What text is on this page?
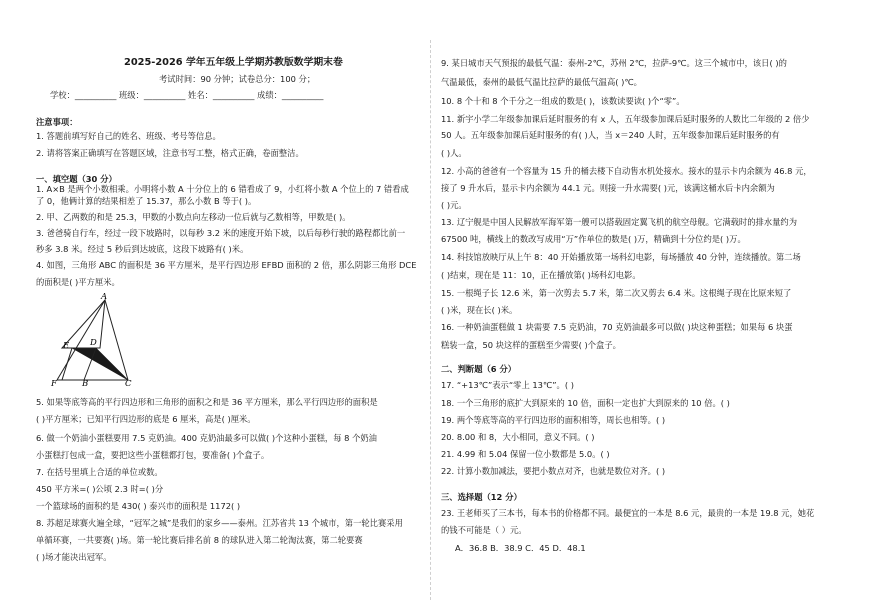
2025-2026 学年五年级上学期苏教版数学期末卷
考试时间：90 分钟；试卷总分：100 分；
学校：__________ 班级：__________ 姓名：__________ 成绩：__________
注意事项：
1. 答题前填写好自己的姓名、班级、考号等信息。
2. 请将答案正确填写在答题区域，注意书写工整，格式正确，卷面整洁。
一、填空题（30 分）
1. A×B 是两个小数相乘。小明将小数 A 十分位上的 6 错看成了 9，小红将小数 A 个位上的 7 错看成
了 0，他俩计算的结果相差了 15.37，那么小数 B 等于( )。
2. 甲、乙两数的和是 25.3，甲数的小数点向左移动一位后就与乙数相等，甲数是( )。
3. 爸爸骑自行车，经过一段下坡路时，以每秒 3.2 米的速度开始下坡，以后每秒行驶的路程都比前一
秒多 3.8 米。经过 5 秒后到达坡底，这段下坡路有( )米。
4. 如图，三角形 ABC 的面积是 36 平方厘米，是平行四边形 EFBD 面积的 2 倍，那么阴影三角形 DCE
的面积是( )平方厘米。
5. 如果等底等高的平行四边形和三角形的面积之和是 36 平方厘米，那么平行四边形的面积是
( )平方厘米；已知平行四边形的底是 6 厘米，高是( )厘米。
6. 做一个奶油小蛋糕要用 7.5 克奶油。400 克奶油最多可以做( )个这种小蛋糕，每 8 个奶油
小蛋糕打包成一盒，要把这些小蛋糕都打包，要准备( )个盒子。
7. 在括号里填上合适的单位或数。
450 平方米=( )公顷 2.3 时=( )分
一个篮球场的面积约是 430( ) 泰兴市的面积是 1172( )
8. 苏超足球赛火遍全球，“冠军之城”是我们的家乡——泰州。江苏省共 13 个城市，第一轮比赛采用
单循环赛，一共要赛( )场。第一轮比赛后排名前 8 的球队进入第二轮淘汰赛，第二轮要赛
( )场才能决出冠军。
9. 某日城市天气预报的最低气温：泰州-2℃，苏州 2℃，拉萨-9℃。这三个城市中，该日( )的
气温最低，泰州的最低气温比拉萨的最低气温高( )℃。
10. 8 个十和 8 个千分之一组成的数是( )，该数读要读( )个“零”。
11. 新宇小学二年级参加课后延时服务的有 x 人，五年级参加课后延时服务的人数比二年级的 2 倍少
50 人。五年级参加课后延时服务的有( )人，当 x＝240 人时，五年级参加课后延时服务的有
( )人。
12. 小高的爸爸有一个容量为 15 升的桶去楼下自动售水机处接水。接水的显示卡内余额为 46.8 元，
接了 9 升水后，显示卡内余额为 44.1 元。则接一升水需要( )元，该满这桶水后卡内余额为
( )元。
13. 辽宁舰是中国人民解放军海军第一艘可以搭载固定翼飞机的航空母舰。它满载时的排水量约为
67500 吨，横线上的数改写成用“万”作单位的数是( )万，精确到十分位约是( )万。
14. 科技馆放映厅从上午 8：40 开始播放第一场科幻电影，每场播放 40 分钟，连续播放。第二场
( )结束，现在是 11：10，正在播放第( )场科幻电影。
15. 一根绳子长 12.6 米，第一次剪去 5.7 米，第二次又剪去 6.4 米。这根绳子现在比原来短了
( )米，现在长( )米。
16. 一种奶油蛋糕做 1 块需要 7.5 克奶油，70 克奶油最多可以做( )块这种蛋糕；如果每 6 块蛋
糕装一盒，50 块这样的蛋糕至少需要( )个盒子。
二、判断题（6 分）
17. “+13℃”表示“零上 13℃”。( )
18. 一个三角形的底扩大到原来的 10 倍，面积一定也扩大到原来的 10 倍。( )
19. 两个等底等高的平行四边形的面积相等，周长也相等。( )
20. 8.00 和 8，大小相同，意义不同。( )
21. 4.99 和 5.04 保留一位小数都是 5.0。( )
22. 计算小数加减法，要把小数点对齐，也就是数位对齐。( )
三、选择题（12 分）
23. 王老师买了三本书，每本书的价格都不同。最便宜的一本是 8.6 元，最贵的一本是 19.8 元，她花
的钱不可能是（ ）元。
A．36.8 B．38.9 C．45 D．48.1
A
E D
F	B	C
